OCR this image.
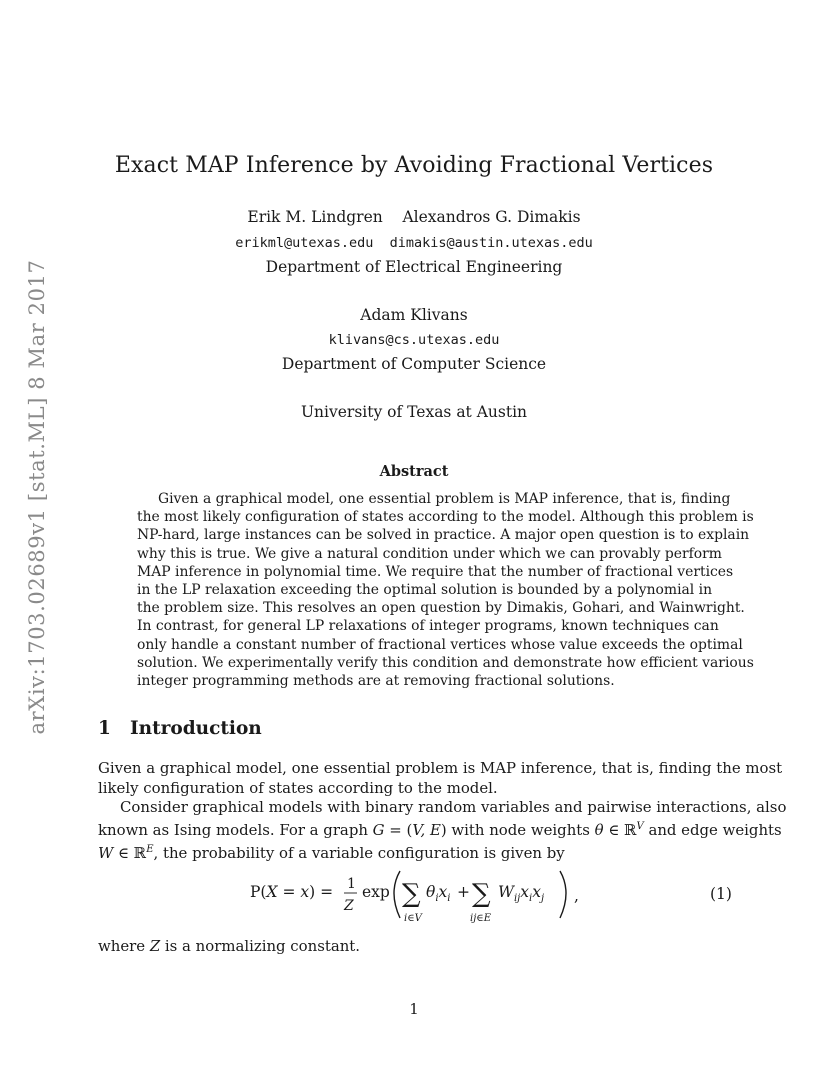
arXiv:1703.02689v1 [stat.ML] 8 Mar 2017
Exact MAP Inference by Avoiding Fractional Vertices
Erik M. Lindgren    Alexandros G. Dimakis
erikml@utexas.edu  dimakis@austin.utexas.edu
Department of Electrical Engineering
Adam Klivans
klivans@cs.utexas.edu
Department of Computer Science
University of Texas at Austin
Abstract
Given a graphical model, one essential problem is MAP inference, that is, finding
the most likely configuration of states according to the model. Although this problem is
NP-hard, large instances can be solved in practice. A major open question is to explain
why this is true. We give a natural condition under which we can provably perform
MAP inference in polynomial time. We require that the number of fractional vertices
in the LP relaxation exceeding the optimal solution is bounded by a polynomial in
the problem size. This resolves an open question by Dimakis, Gohari, and Wainwright.
In contrast, for general LP relaxations of integer programs, known techniques can
only handle a constant number of fractional vertices whose value exceeds the optimal
solution. We experimentally verify this condition and demonstrate how efficient various
integer programming methods are at removing fractional solutions.
1 Introduction
Given a graphical model, one essential problem is MAP inference, that is, finding the most
likely configuration of states according to the model.
Consider graphical models with binary random variables and pairwise interactions, also
known as Ising models. For a graph G = (V, E) with node weights θ ∈ ℝ$^V$ and edge weights
W ∈ ℝ$^E$, the probability of a variable configuration is given by
P(X = x) = 1
Z
exp ∑
i∈V
$\theta_ix_i$ + ∑
ij∈E
$W_{ij}x_ix_j$ ,	(1)
where Z is a normalizing constant.
1
